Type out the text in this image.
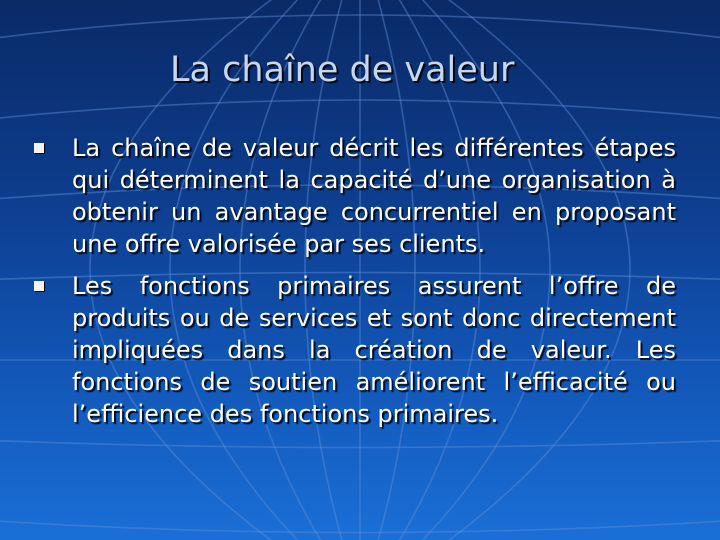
La chaîne de valeur
La chaîne de valeur décrit les différentes étapes qui déterminent la capacité d’une organisation à obtenir un avantage concurrentiel en proposant une offre valorisée par ses clients.
Les fonctions primaires assurent l’offre de produits ou de services et sont donc directement impliquées dans la création de valeur. Les fonctions de soutien améliorent l’efficacité ou l’efficience des fonctions primaires.
